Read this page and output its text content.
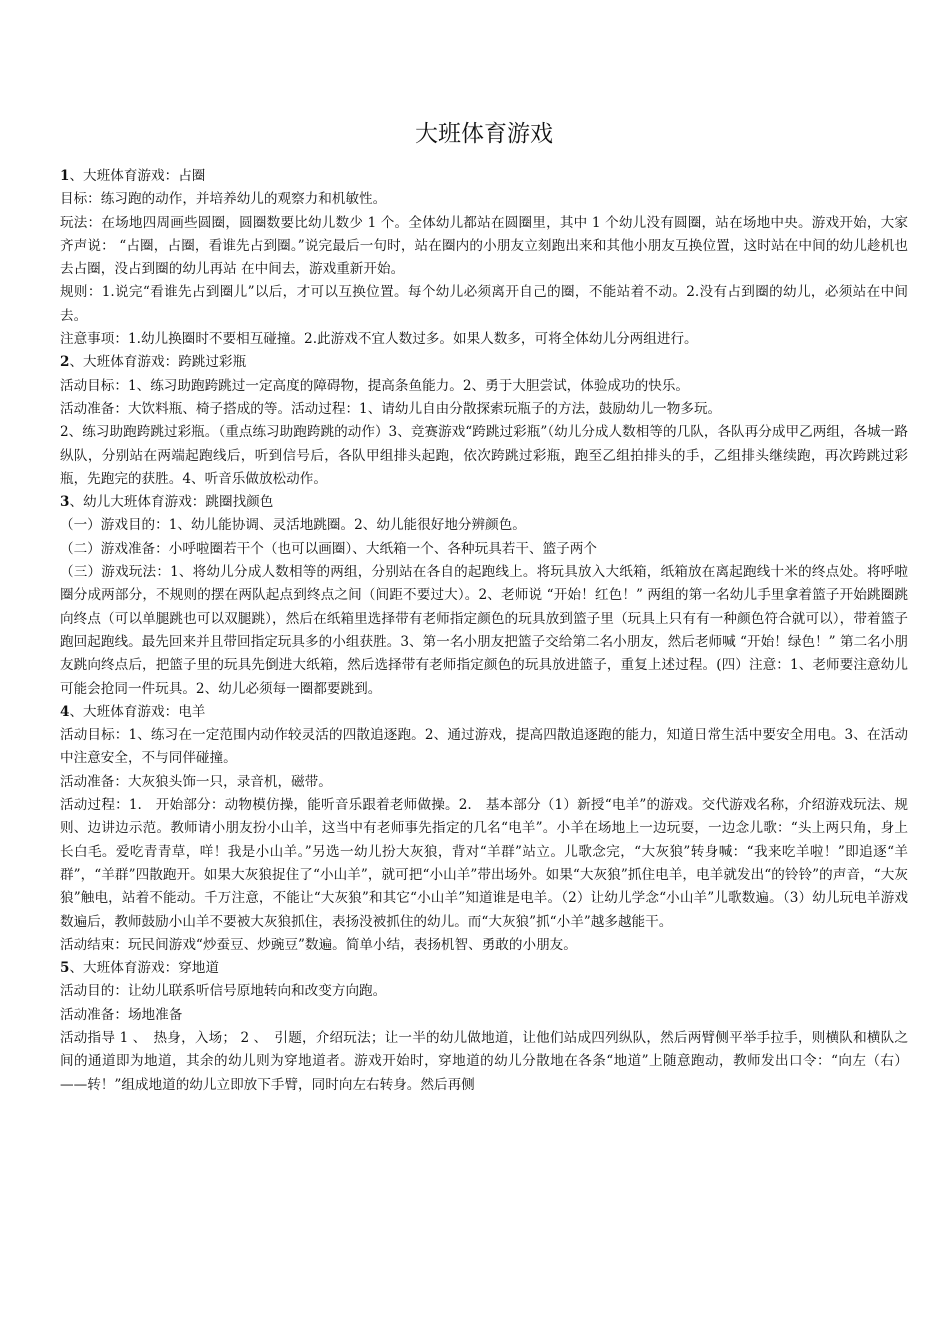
大班体育游戏

1、大班体育游戏：占圈

目标：练习跑的动作，并培养幼儿的观察力和机敏性。

玩法：在场地四周画些圆圈，圆圈数要比幼儿数少 1 个。全体幼儿都站在圆圈里，其中 1 个幼儿没有圆圈，站在场地中央。游戏开始，大家齐声说： “占圈，占圈，看谁先占到圈。”说完最后一句时，站在圈内的小朋友立刻跑出来和其他小朋友互换位置，这时站在中间的幼儿趁机也去占圈，没占到圈的幼儿再站 在中间去，游戏重新开始。

规则：1.说完“看谁先占到圈儿”以后，才可以互换位置。每个幼儿必须离开自己的圈，不能站着不动。2.没有占到圈的幼儿，必须站在中间去。

注意事项：1.幼儿换圈时不要相互碰撞。2.此游戏不宜人数过多。如果人数多，可将全体幼儿分两组进行。

2、大班体育游戏：跨跳过彩瓶

活动目标：1、练习助跑跨跳过一定高度的障碍物，提高条鱼能力。2、勇于大胆尝试，体验成功的快乐。

活动准备：大饮料瓶、椅子搭成的等。活动过程：1、请幼儿自由分散探索玩瓶子的方法，鼓励幼儿一物多玩。

2、练习助跑跨跳过彩瓶。（重点练习助跑跨跳的动作）3、竞赛游戏“跨跳过彩瓶”（幼儿分成人数相等的几队，各队再分成甲乙两组，各城一路纵队，分别站在两端起跑线后，听到信号后，各队甲组排头起跑，依次跨跳过彩瓶，跑至乙组拍排头的手，乙组排头继续跑，再次跨跳过彩瓶，先跑完的获胜。4、听音乐做放松动作。

3、幼儿大班体育游戏：跳圈找颜色

（一）游戏目的：1、幼儿能协调、灵活地跳圈。2、幼儿能很好地分辨颜色。

（二）游戏准备：小呼啦圈若干个（也可以画圈）、大纸箱一个、各种玩具若干、篮子两个

（三）游戏玩法：1、将幼儿分成人数相等的两组，分别站在各自的起跑线上。将玩具放入大纸箱，纸箱放在离起跑线十米的终点处。将呼啦圈分成两部分，不规则的摆在两队起点到终点之间（间距不要过大）。2、老师说 “开始！红色！” 两组的第一名幼儿手里拿着篮子开始跳圈跳向终点（可以单腿跳也可以双腿跳），然后在纸箱里选择带有老师指定颜色的玩具放到篮子里（玩具上只有有一种颜色符合就可以），带着篮子跑回起跑线。最先回来并且带回指定玩具多的小组获胜。3、第一名小朋友把篮子交给第二名小朋友，然后老师喊 “开始！绿色！” 第二名小朋友跳向终点后，把篮子里的玩具先倒进大纸箱，然后选择带有老师指定颜色的玩具放进篮子，重复上述过程。(四）注意：1、老师要注意幼儿可能会抢同一件玩具。2、幼儿必须每一圈都要跳到。

4、大班体育游戏：电羊

活动目标：1、练习在一定范围内动作较灵活的四散追逐跑。2、通过游戏，提高四散追逐跑的能力，知道日常生活中要安全用电。3、在活动中注意安全，不与同伴碰撞。

活动准备：大灰狼头饰一只，录音机，磁带。

活动过程：1.　开始部分：动物模仿操，能听音乐跟着老师做操。2.　基本部分（1）新授“电羊”的游戏。交代游戏名称，介绍游戏玩法、规则、边讲边示范。教师请小朋友扮小山羊，这当中有老师事先指定的几名“电羊”。小羊在场地上一边玩耍，一边念儿歌：“头上两只角，身上长白毛。爱吃青青草，咩！我是小山羊。”另选一幼儿扮大灰狼，背对“羊群”站立。儿歌念完，“大灰狼”转身喊：“我来吃羊啦！”即追逐“羊群”，“羊群”四散跑开。如果大灰狼捉住了“小山羊”，就可把“小山羊”带出场外。如果“大灰狼”抓住电羊，电羊就发出“的铃铃”的声音，“大灰狼”触电，站着不能动。千万注意，不能让“大灰狼”和其它“小山羊”知道谁是电羊。（2）让幼儿学念“小山羊”儿歌数遍。（3）幼儿玩电羊游戏数遍后，教师鼓励小山羊不要被大灰狼抓住，表扬没被抓住的幼儿。而“大灰狼”抓“小羊”越多越能干。

活动结束：玩民间游戏“炒蚕豆、炒豌豆”数遍。简单小结，表扬机智、勇敢的小朋友。

5、大班体育游戏：穿地道

活动目的：让幼儿联系听信号原地转向和改变方向跑。

活动准备：场地准备

活动指导 1 、　热身，入场； 2 、　引题，介绍玩法；让一半的幼儿做地道，让他们站成四列纵队，然后两臂侧平举手拉手，则横队和横队之间的通道即为地道，其余的幼儿则为穿地道者。游戏开始时，穿地道的幼儿分散地在各条“地道”上随意跑动，教师发出口令：“向左（右）——转！”组成地道的幼儿立即放下手臂，同时向左右转身。然后再侧
